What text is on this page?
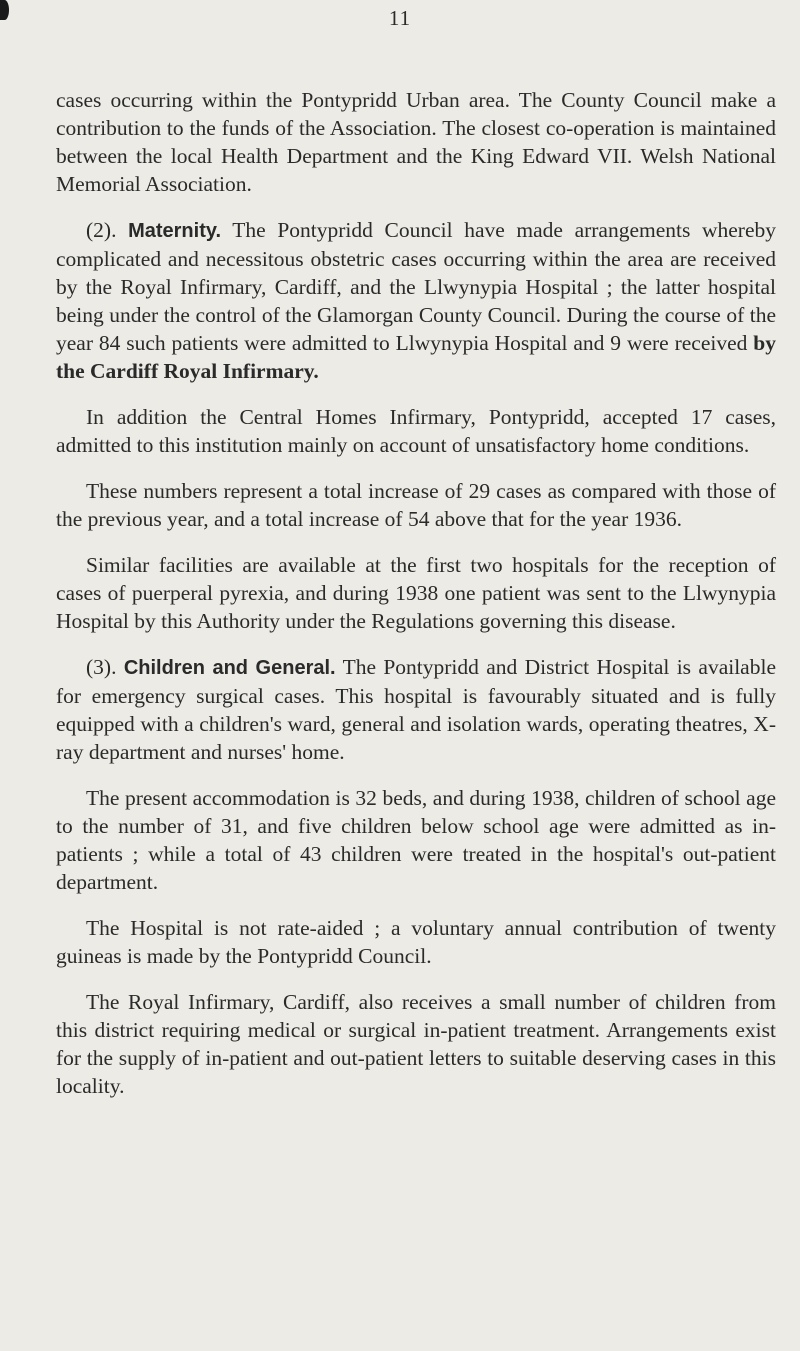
11

cases occurring within the Pontypridd Urban area. The County Council make a contribution to the funds of the Association. The closest co-operation is maintained between the local Health Department and the King Edward VII. Welsh National Memorial Association.

(2). Maternity. The Pontypridd Council have made arrangements whereby complicated and necessitous obstetric cases occurring within the area are received by the Royal Infirmary, Cardiff, and the Llwynypia Hospital ; the latter hospital being under the control of the Glamorgan County Council. During the course of the year 84 such patients were admitted to Llwynypia Hospital and 9 were received by the Cardiff Royal Infirmary.

In addition the Central Homes Infirmary, Pontypridd, accepted 17 cases, admitted to this institution mainly on account of unsatisfactory home conditions.

These numbers represent a total increase of 29 cases as compared with those of the previous year, and a total increase of 54 above that for the year 1936.

Similar facilities are available at the first two hospitals for the reception of cases of puerperal pyrexia, and during 1938 one patient was sent to the Llwynypia Hospital by this Authority under the Regulations governing this disease.

(3). Children and General. The Pontypridd and District Hospital is available for emergency surgical cases. This hospital is favourably situated and is fully equipped with a children's ward, general and isolation wards, operating theatres, X-ray department and nurses' home.

The present accommodation is 32 beds, and during 1938, children of school age to the number of 31, and five children below school age were admitted as in-patients ; while a total of 43 children were treated in the hospital's out-patient department.

The Hospital is not rate-aided ; a voluntary annual contribution of twenty guineas is made by the Pontypridd Council.

The Royal Infirmary, Cardiff, also receives a small number of children from this district requiring medical or surgical in-patient treatment. Arrangements exist for the supply of in-patient and out-patient letters to suitable deserving cases in this locality.
